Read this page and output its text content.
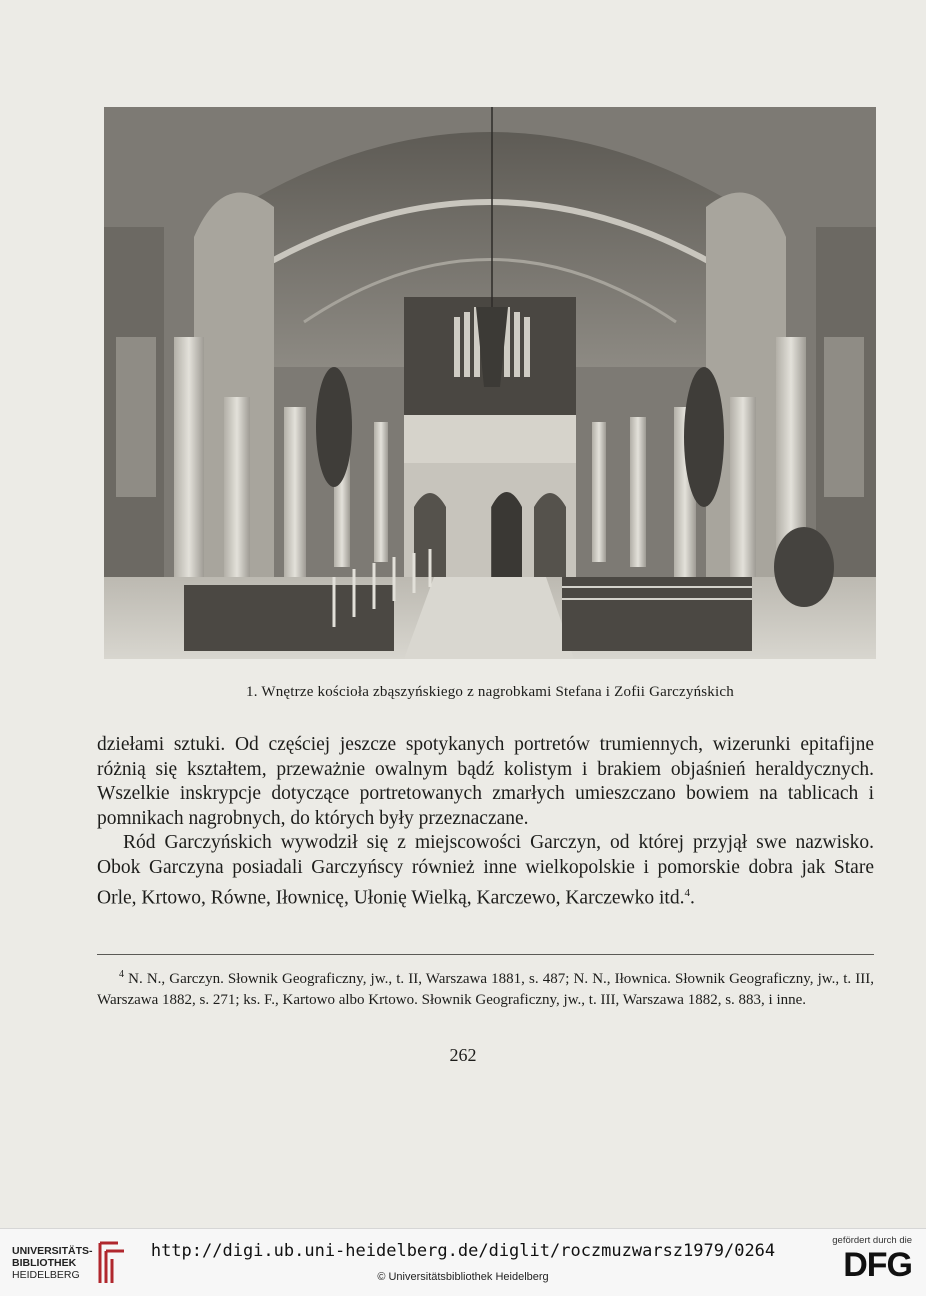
1. Wnętrze kościoła zbąszyńskiego z nagrobkami Stefana i Zofii Garczyńskich

dziełami sztuki. Od częściej jeszcze spotykanych portretów trumiennych, wizerunki epitafijne różnią się kształtem, przeważnie owalnym bądź kolistym i brakiem objaśnień heraldycznych. Wszelkie inskrypcje dotyczące portretowanych zmarłych umieszczano bowiem na tablicach i pomnikach nagrobnych, do których były przeznaczane.

Ród Garczyńskich wywodził się z miejscowości Garczyn, od której przyjął swe nazwisko. Obok Garczyna posiadali Garczyńscy również inne wielkopolskie i pomorskie dobra jak Stare Orle, Krtowo, Równe, Iłownicę, Ułonię Wielką, Karczewo, Karczewko itd.$^4$.

$^4$ N. N., Garczyn. Słownik Geograficzny, jw., t. II, Warszawa 1881, s. 487; N. N., Iłownica. Słownik Geograficzny, jw., t. III, Warszawa 1882, s. 271; ks. F., Kartowo albo Krtowo. Słownik Geograficzny, jw., t. III, Warszawa 1882, s. 883, i inne.
262
UNIVERSITÄTS-
BIBLIOTHEK
HEIDELBERG
http://digi.ub.uni-heidelberg.de/diglit/roczmuzwarsz1979/0264
© Universitätsbibliothek Heidelberg
gefördert durch die
DFG
